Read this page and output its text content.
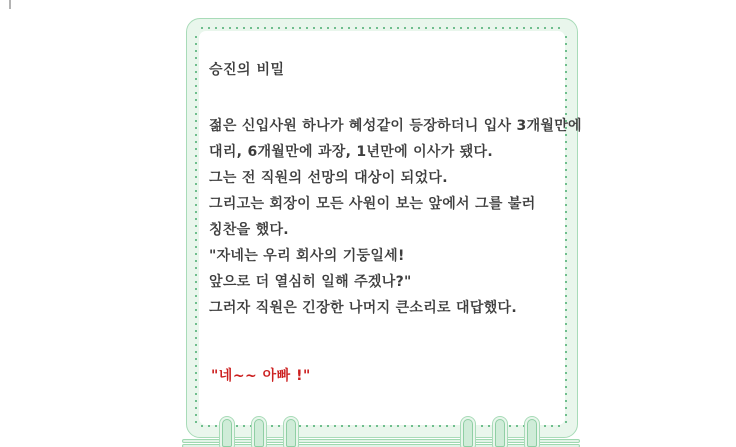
승진의 비밀
젊은 신입사원 하나가 혜성같이 등장하더니 입사 3개월만에
대리, 6개월만에 과장, 1년만에 이사가 됐다.
그는 전 직원의 선망의 대상이 되었다.
그리고는 회장이 모든 사원이 보는 앞에서 그를 불러
칭찬을 했다.
"자네는 우리 회사의 기둥일세!
앞으로 더 열심히 일해 주겠나?"
그러자 직원은 긴장한 나머지 큰소리로 대답했다.
"네~~ 아빠 !"
